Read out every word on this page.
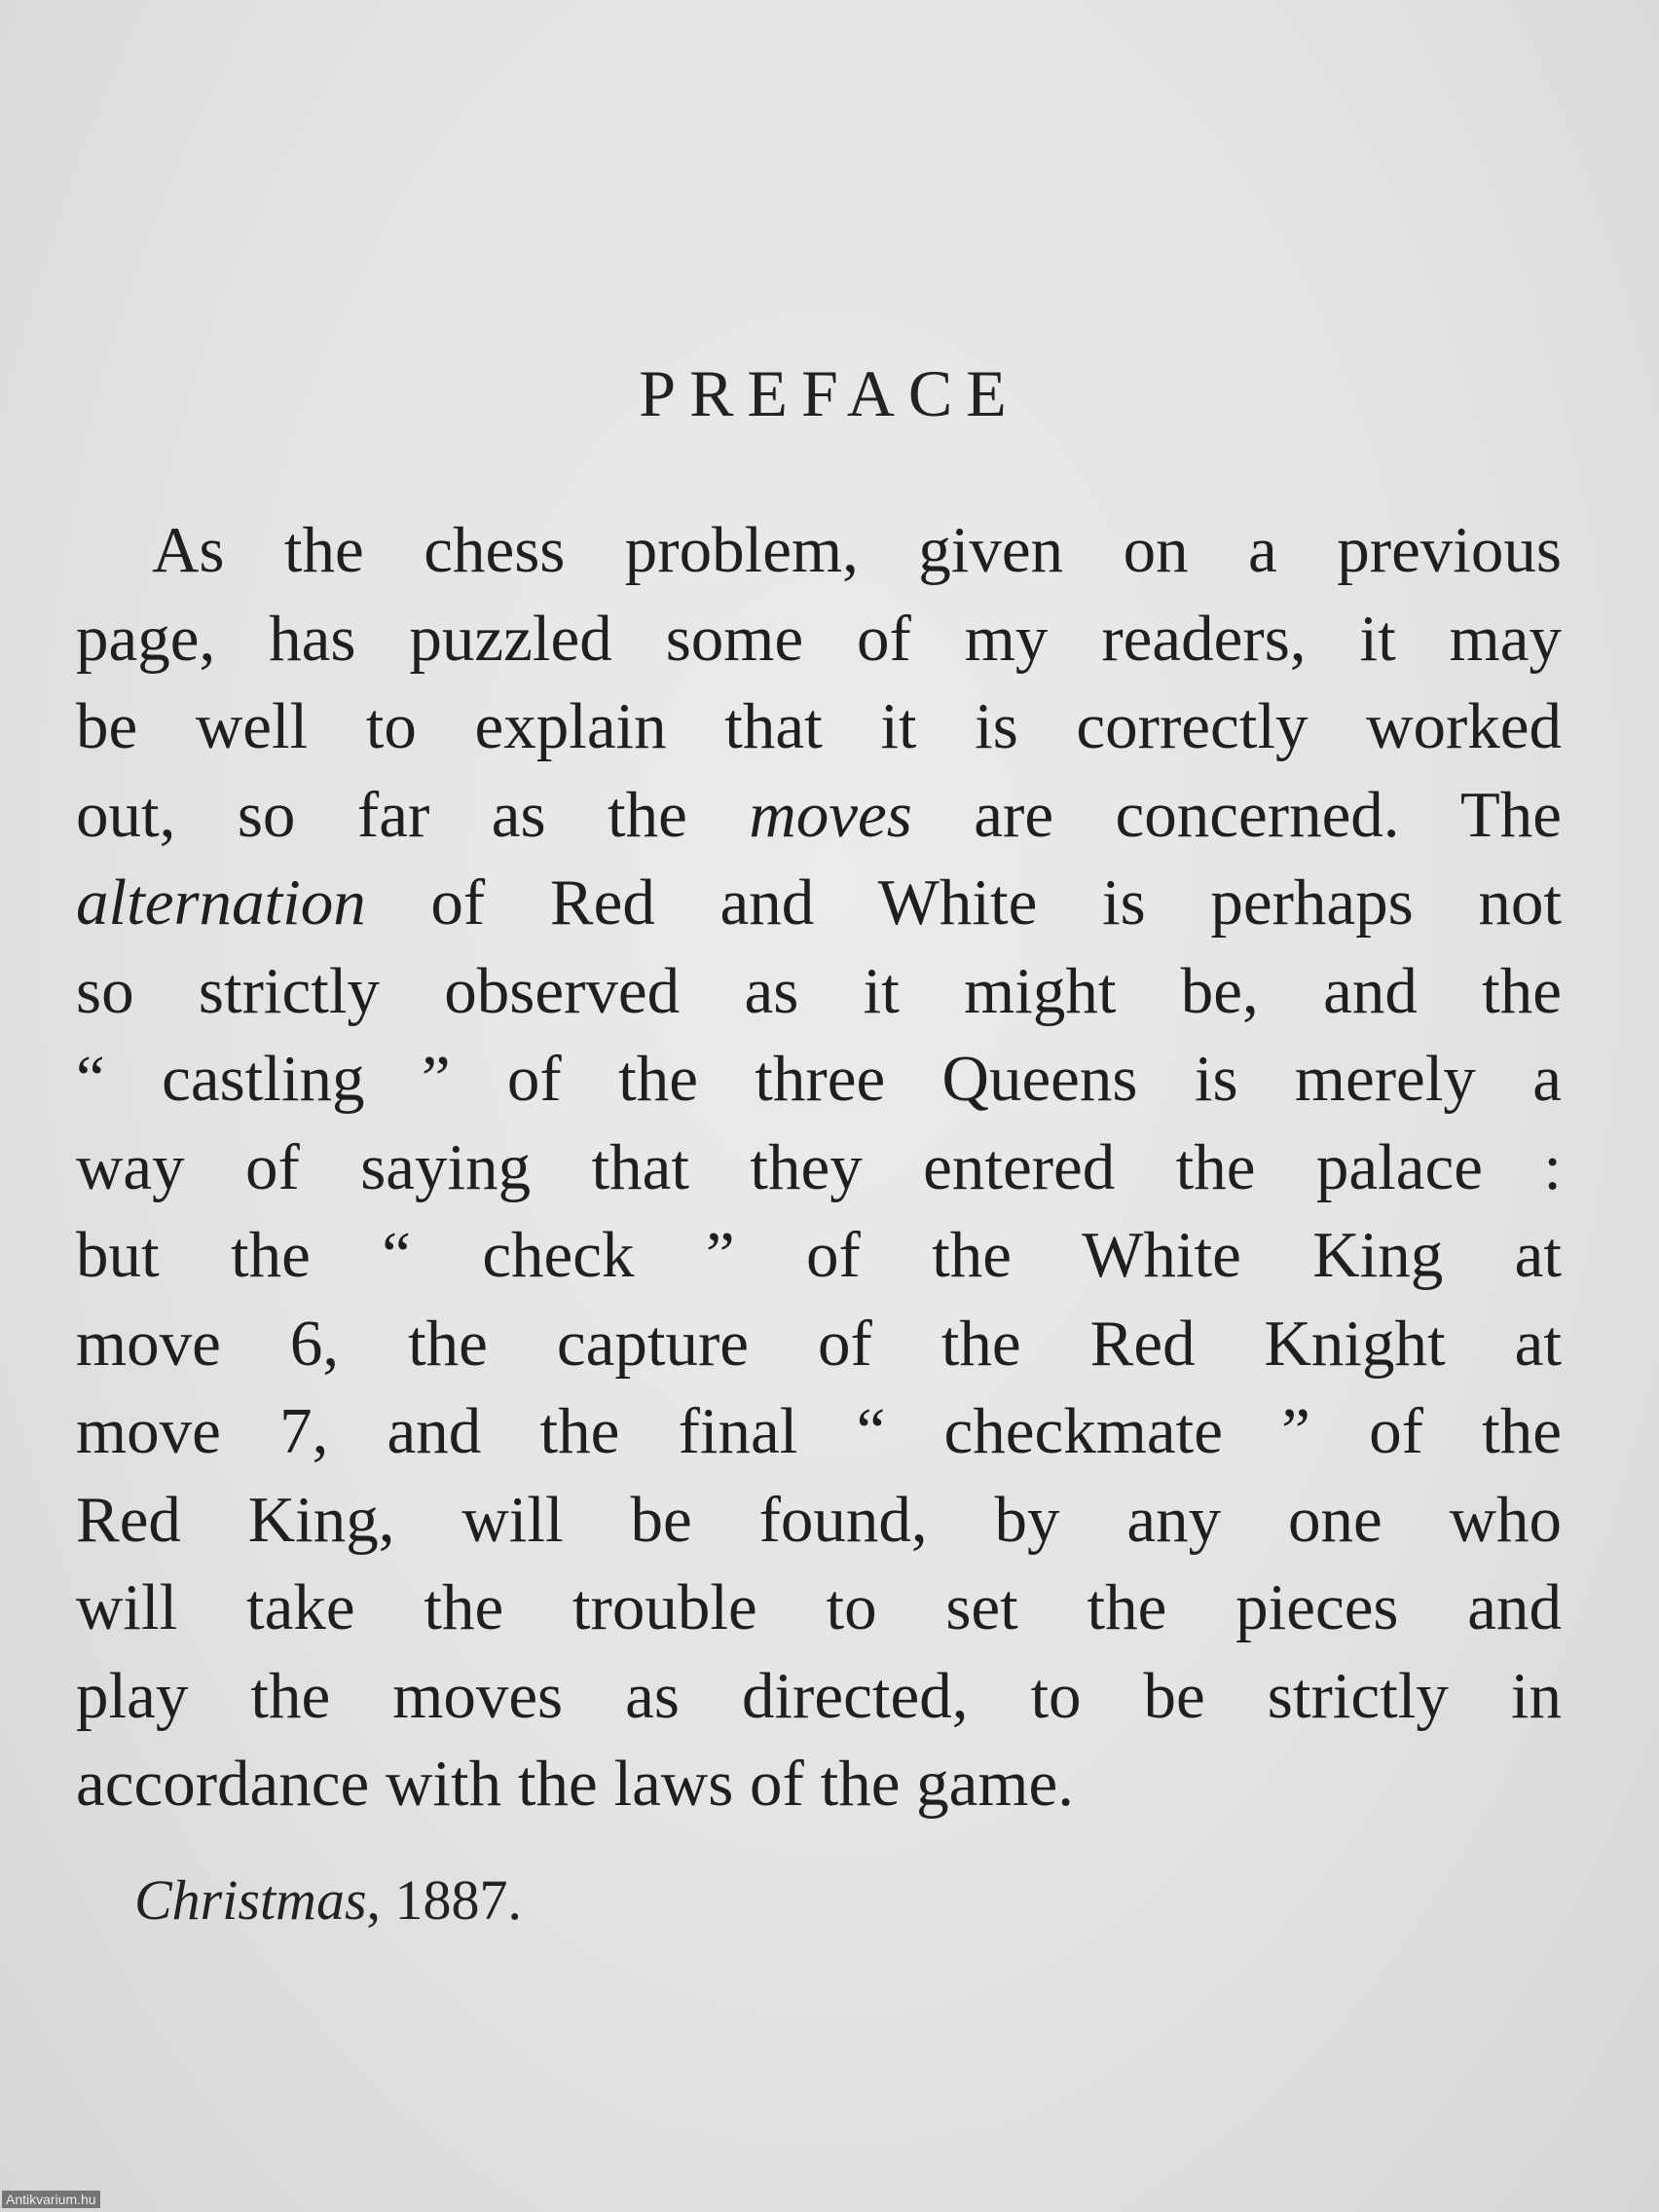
PREFACE
As the chess problem, given on a previous
page, has puzzled some of my readers, it may
be well to explain that it is correctly worked
out, so far as the moves are concerned. The
alternation of Red and White is perhaps not
so strictly observed as it might be, and the
“ castling ” of the three Queens is merely a
way of saying that they entered the palace :
but the “ check ” of the White King at
move 6, the capture of the Red Knight at
move 7, and the final “ checkmate ” of the
Red King, will be found, by any one who
will take the trouble to set the pieces and
play the moves as directed, to be strictly in
accordance with the laws of the game.
Christmas, 1887.
Antikvarium.hu
